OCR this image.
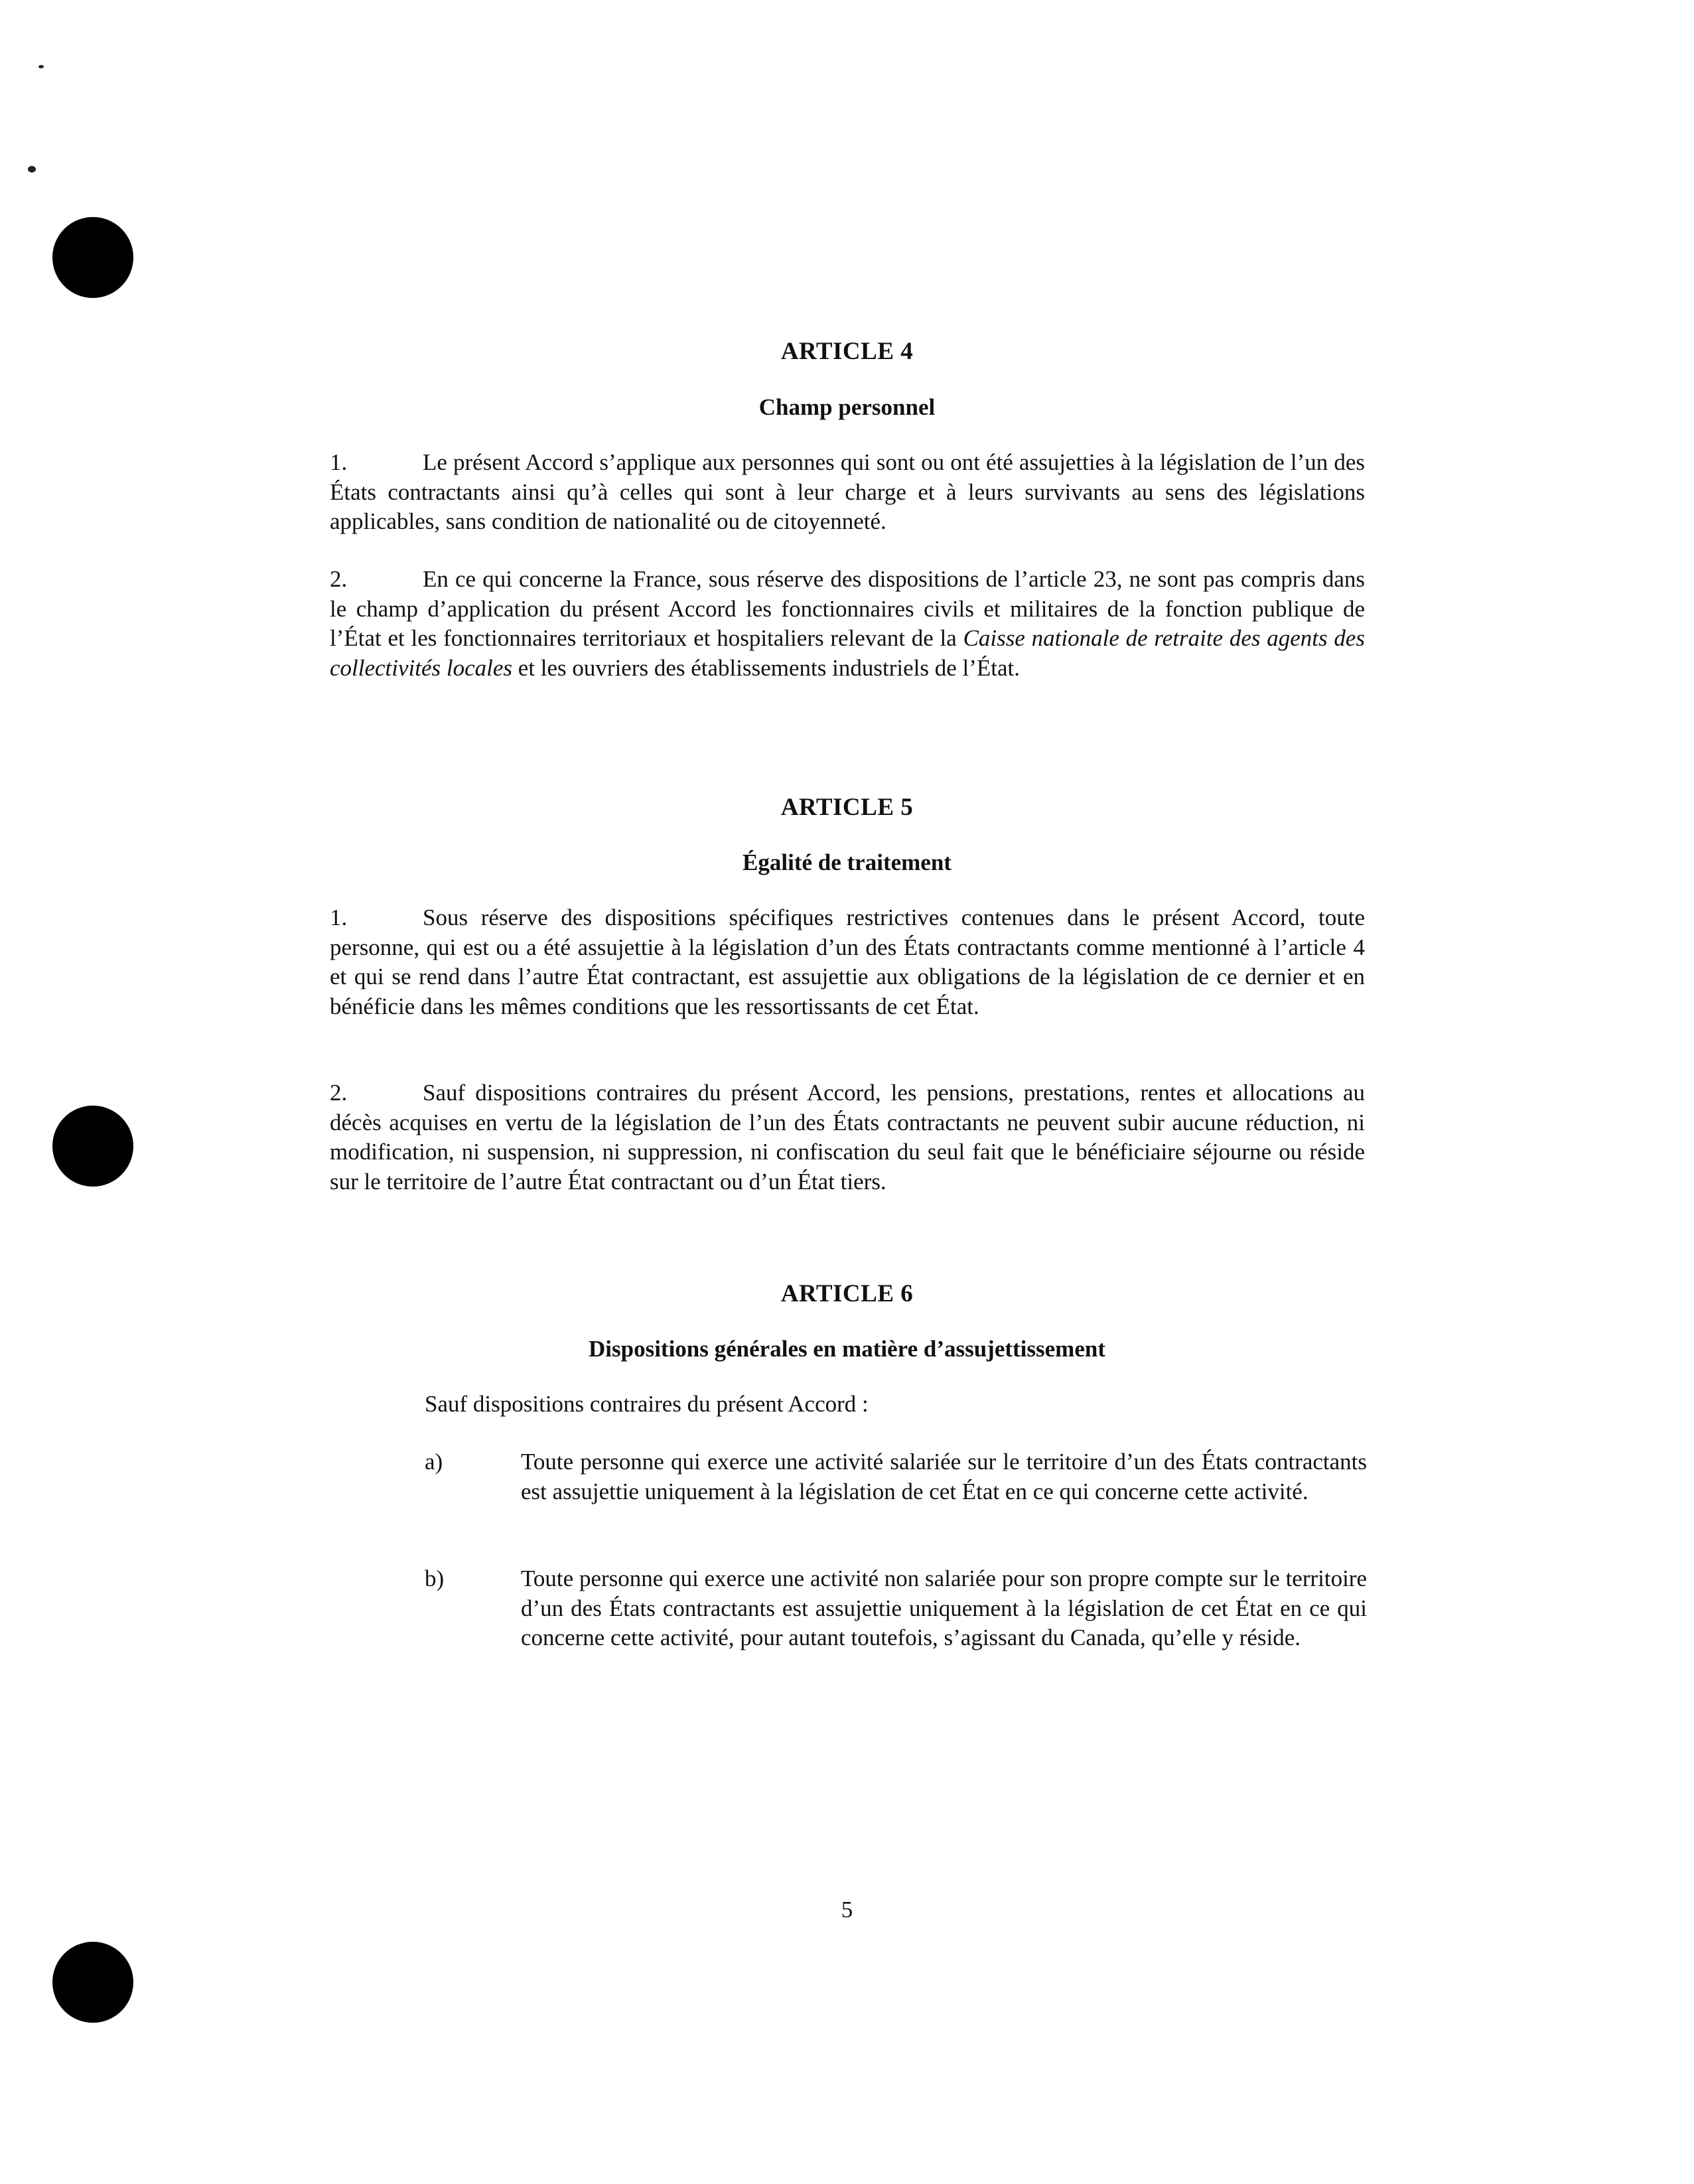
ARTICLE 4
Champ personnel
1.	Le présent Accord s’applique aux personnes qui sont ou ont été assujetties à la législation de l’un des États contractants ainsi qu’à celles qui sont à leur charge et à leurs survivants au sens des législations applicables, sans condition de nationalité ou de citoyenneté.
2.	En ce qui concerne la France, sous réserve des dispositions de l’article 23, ne sont pas compris dans le champ d’application du présent Accord les fonctionnaires civils et militaires de la fonction publique de l’État et les fonctionnaires territoriaux et hospitaliers relevant de la Caisse nationale de retraite des agents des collectivités locales et les ouvriers des établissements industriels de l’État.
ARTICLE 5
Égalité de traitement
1.	Sous réserve des dispositions spécifiques restrictives contenues dans le présent Accord, toute personne, qui est ou a été assujettie à la législation d’un des États contractants comme mentionné à l’article 4 et qui se rend dans l’autre État contractant, est assujettie aux obligations de la législation de ce dernier et en bénéficie dans les mêmes conditions que les ressortissants de cet État.
2.	Sauf dispositions contraires du présent Accord, les pensions, prestations, rentes et allocations au décès acquises en vertu de la législation de l’un des États contractants ne peuvent subir aucune réduction, ni modification, ni suspension, ni suppression, ni confiscation du seul fait que le bénéficiaire séjourne ou réside sur le territoire de l’autre État contractant ou d’un État tiers.
ARTICLE 6
Dispositions générales en matière d’assujettissement
Sauf dispositions contraires du présent Accord :
a)	Toute personne qui exerce une activité salariée sur le territoire d’un des États contractants est assujettie uniquement à la législation de cet État en ce qui concerne cette activité.
b)	Toute personne qui exerce une activité non salariée pour son propre compte sur le territoire d’un des États contractants est assujettie uniquement à la législation de cet État en ce qui concerne cette activité, pour autant toutefois, s’agissant du Canada, qu’elle y réside.
5
